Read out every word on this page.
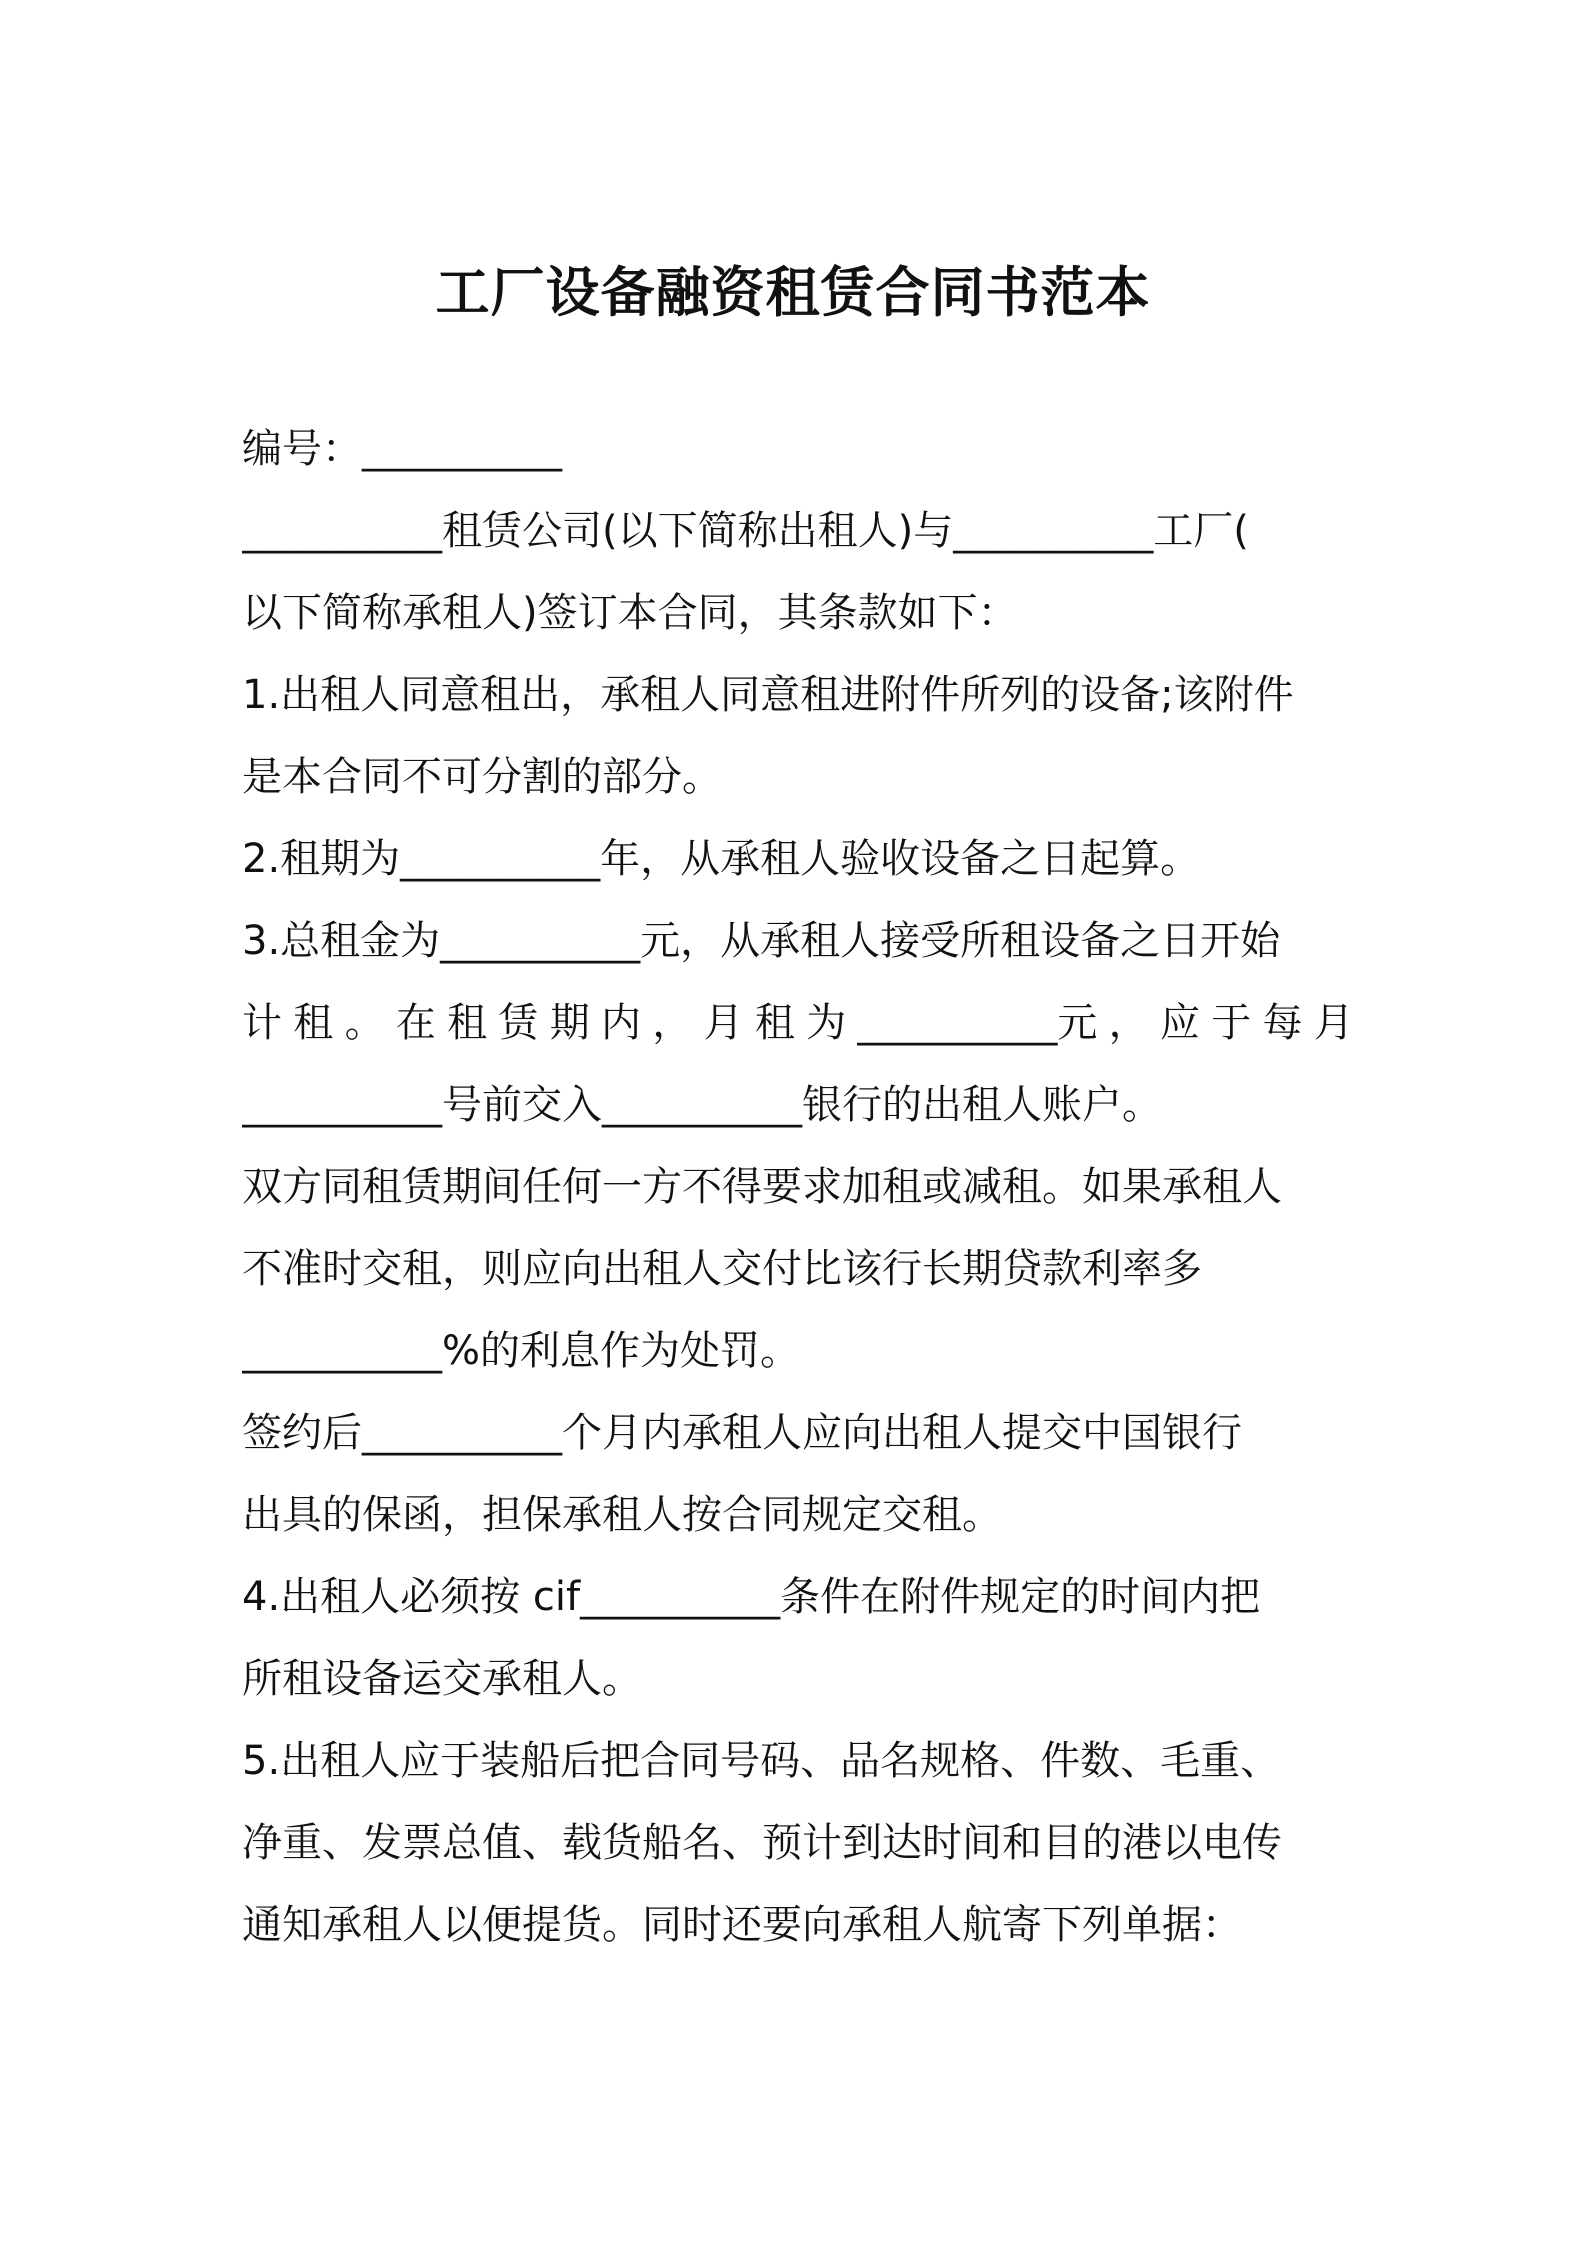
工厂设备融资租赁合同书范本
编号：__________
__________租赁公司(以下简称出租人)与__________工厂(
以下简称承租人)签订本合同，其条款如下：
1.出租人同意租出，承租人同意租进附件所列的设备;该附件
是本合同不可分割的部分。
2.租期为__________年，从承租人验收设备之日起算。
3.总租金为__________元，从承租人接受所租设备之日开始
计 租 。 在 租 赁 期 内 ， 月 租 为 __________元 ， 应 于 每 月
__________号前交入__________银行的出租人账户。
双方同租赁期间任何一方不得要求加租或减租。如果承租人
不准时交租，则应向出租人交付比该行长期贷款利率多
__________%的利息作为处罚。
签约后__________个月内承租人应向出租人提交中国银行
出具的保函，担保承租人按合同规定交租。
4.出租人必须按 cif__________条件在附件规定的时间内把
所租设备运交承租人。
5.出租人应于装船后把合同号码、品名规格、件数、毛重、
净重、发票总值、载货船名、预计到达时间和目的港以电传
通知承租人以便提货。同时还要向承租人航寄下列单据：
